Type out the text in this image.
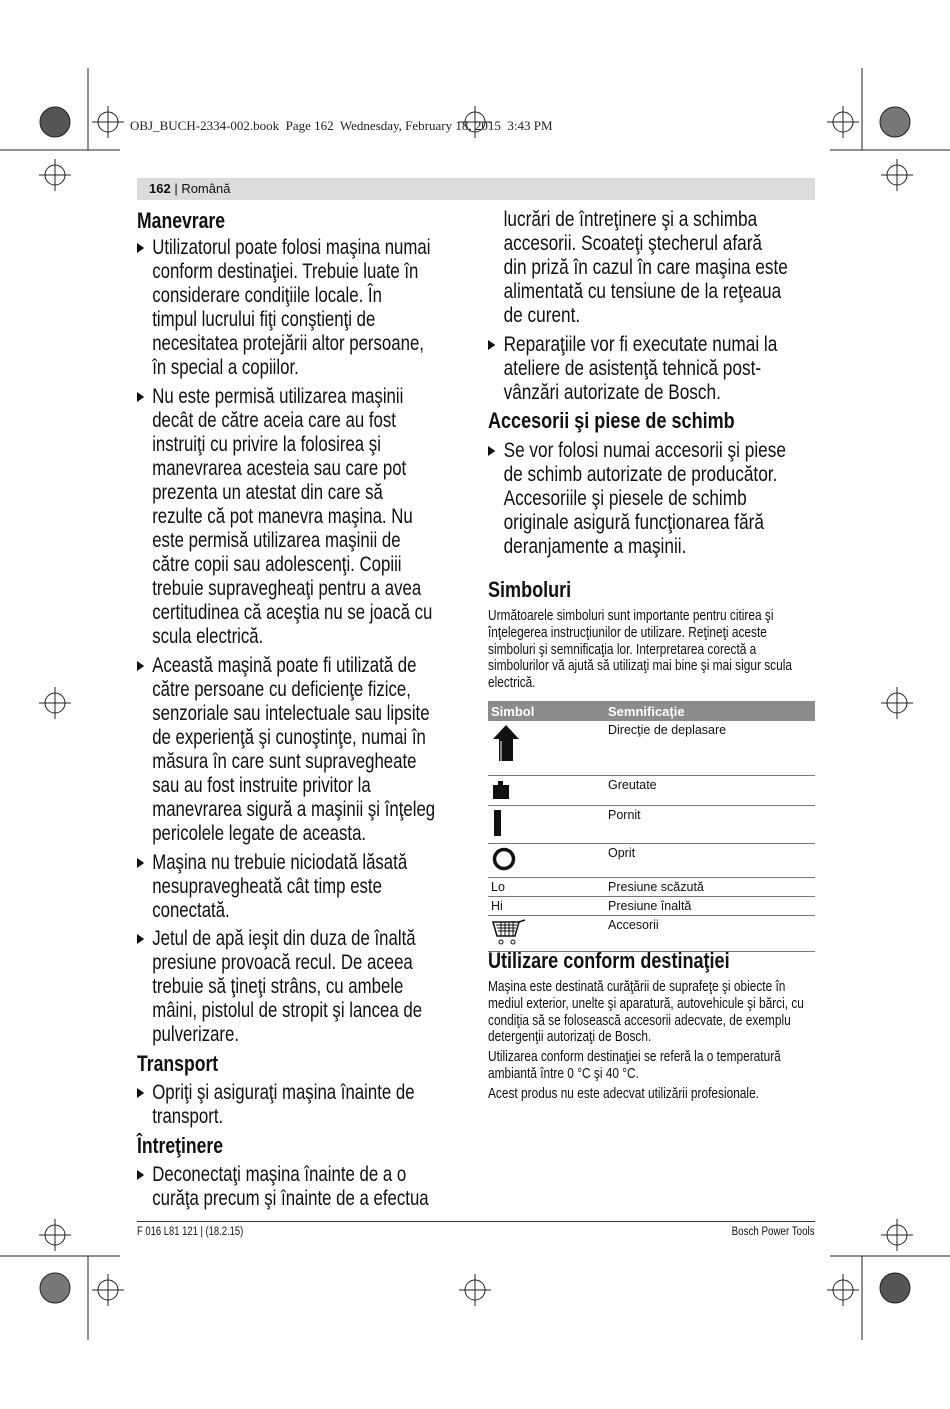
OBJ_BUCH-2334-002.book  Page 162  Wednesday, February 18, 2015  3:43 PM
162 | Română
Manevrare
Utilizatorul poate folosi maşina numai
conform destinaţiei. Trebuie luate în
considerare condiţiile locale. În
timpul lucrului fiţi conştienţi de
necesitatea protejării altor persoane,
în special a copiilor.
Nu este permisă utilizarea maşinii
decât de către aceia care au fost
instruiţi cu privire la folosirea şi
manevrarea acesteia sau care pot
prezenta un atestat din care să
rezulte că pot manevra maşina. Nu
este permisă utilizarea maşinii de
către copii sau adolescenţi. Copiii
trebuie supravegheaţi pentru a avea
certitudinea că aceştia nu se joacă cu
scula electrică.
Această maşină poate fi utilizată de
către persoane cu deficienţe fizice,
senzoriale sau intelectuale sau lipsite
de experienţă şi cunoştinţe, numai în
măsura în care sunt supravegheate
sau au fost instruite privitor la
manevrarea sigură a maşinii şi înţeleg
pericolele legate de aceasta.
Maşina nu trebuie niciodată lăsată
nesupravegheată cât timp este
conectată.
Jetul de apă ieşit din duza de înaltă
presiune provoacă recul. De aceea
trebuie să ţineţi strâns, cu ambele
mâini, pistolul de stropit şi lancea de
pulverizare.
Transport
Opriţi şi asiguraţi maşina înainte de
transport.
Întreţinere
Deconectaţi maşina înainte de a o
curăţa precum şi înainte de a efectua
lucrări de întreţinere şi a schimba
accesorii. Scoateţi ştecherul afară
din priză în cazul în care maşina este
alimentată cu tensiune de la reţeaua
de curent.
Reparaţiile vor fi executate numai la
ateliere de asistenţă tehnică post-
vânzări autorizate de Bosch.
Accesorii şi piese de schimb
Se vor folosi numai accesorii şi piese
de schimb autorizate de producător.
Accesoriile şi piesele de schimb
originale asigură funcţionarea fără
deranjamente a maşinii.
Simboluri
Următoarele simboluri sunt importante pentru citirea şi
înţelegerea instrucţiunilor de utilizare. Reţineţi aceste
simboluri şi semnificaţia lor. Interpretarea corectă a
simbolurilor vă ajută să utilizaţi mai bine şi mai sigur scula
electrică.
Simbol	Semnificaţie
	Direcţie de deplasare
	Greutate
	Pornit
	Oprit
Lo	Presiune scăzută
Hi	Presiune înaltă
	Accesorii
Utilizare conform destinaţiei
Maşina este destinată curăţării de suprafeţe şi obiecte în
mediul exterior, unelte şi aparatură, autovehicule şi bărci, cu
condiţia să se folosească accesorii adecvate, de exemplu
detergenţii autorizaţi de Bosch.
Utilizarea conform destinaţiei se referă la o temperatură
ambiantă între 0 °C şi 40 °C.
Acest produs nu este adecvat utilizării profesionale.
F 016 L81 121 | (18.2.15)	Bosch Power Tools
